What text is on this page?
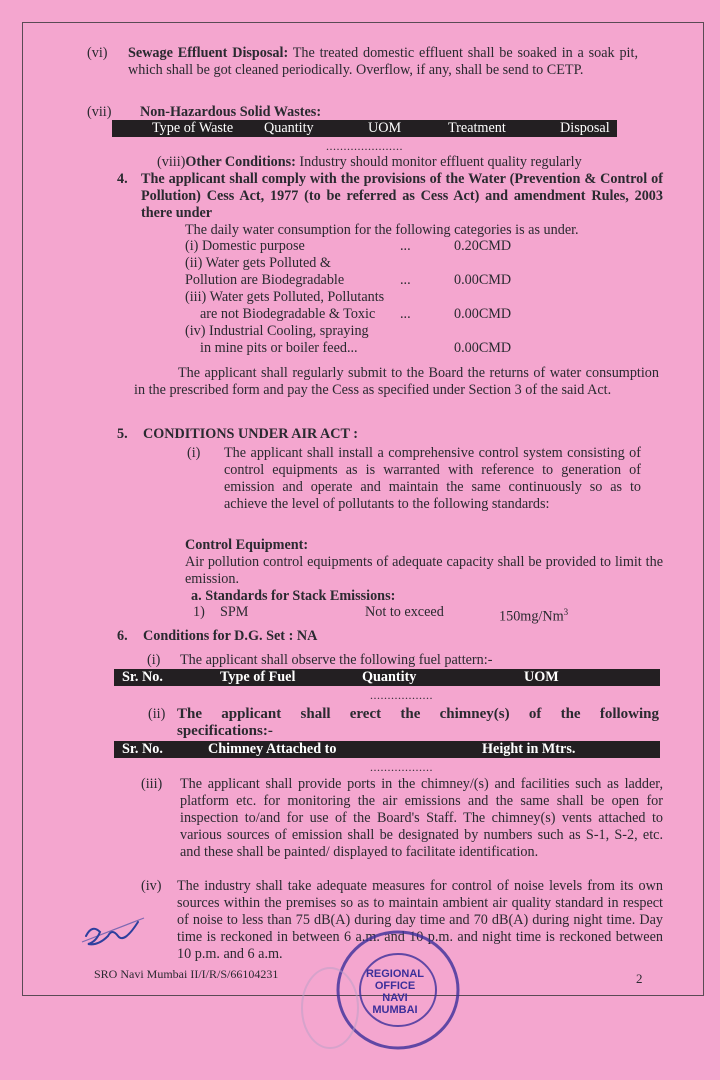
(vi) Sewage Effluent Disposal: The treated domestic effluent shall be soaked in a soak pit, which shall be got cleaned periodically. Overflow, if any, shall be send to CETP.
(vii) Non-Hazardous Solid Wastes:
Type of Waste Quantity	UOM	Treatment	Disposal
......................
(viii)Other Conditions: Industry should monitor effluent quality regularly
4. The applicant shall comply with the provisions of the Water (Prevention & Control of Pollution) Cess Act, 1977 (to be referred as Cess Act) and amendment Rules, 2003 there under
The daily water consumption for the following categories is as under.
(i) Domestic purpose	...	0.20CMD
(ii) Water gets Polluted &
Pollution are Biodegradable	...	0.00CMD
(iii) Water gets Polluted, Pollutants
are not Biodegradable & Toxic ...	0.00CMD
(iv) Industrial Cooling, spraying
in mine pits or boiler feed...	0.00CMD
The applicant shall regularly submit to the Board the returns of water consumption in the prescribed form and pay the Cess as specified under Section 3 of the said Act.
5. CONDITIONS UNDER AIR ACT :
(i) The applicant shall install a comprehensive control system consisting of control equipments as is warranted with reference to generation of emission and operate and maintain the same continuously so as to achieve the level of pollutants to the following standards:
Control Equipment:
Air pollution control equipments of adequate capacity shall be provided to limit the emission.
a. Standards for Stack Emissions:
1) SPM	Not to exceed	150mg/Nm$^3$
6. Conditions for D.G. Set : NA
(i) The applicant shall observe the following fuel pattern:-
Sr. No.	Type of Fuel	Quantity	UOM
..................
(ii) The applicant shall erect the chimney(s) of the following specifications:-
Sr. No.	Chimney Attached to	Height in Mtrs.
..................
(iii) The applicant shall provide ports in the chimney/(s) and facilities such as ladder, platform etc. for monitoring the air emissions and the same shall be open for inspection to/and for use of the Board's Staff. The chimney(s) vents attached to various sources of emission shall be designated by numbers such as S-1, S-2, etc. and these shall be painted/ displayed to facilitate identification.
(iv) The industry shall take adequate measures for control of noise levels from its own sources within the premises so as to maintain ambient air quality standard in respect of noise to less than 75 dB(A) during day time and 70 dB(A) during night time. Day time is reckoned in between 6 a.m. and 10 p.m. and night time is reckoned between 10 p.m. and 6 a.m.
SRO Navi Mumbai II/I/R/S/66104231	2
REGIONAL
OFFICE
NAVI
MUMBAI
